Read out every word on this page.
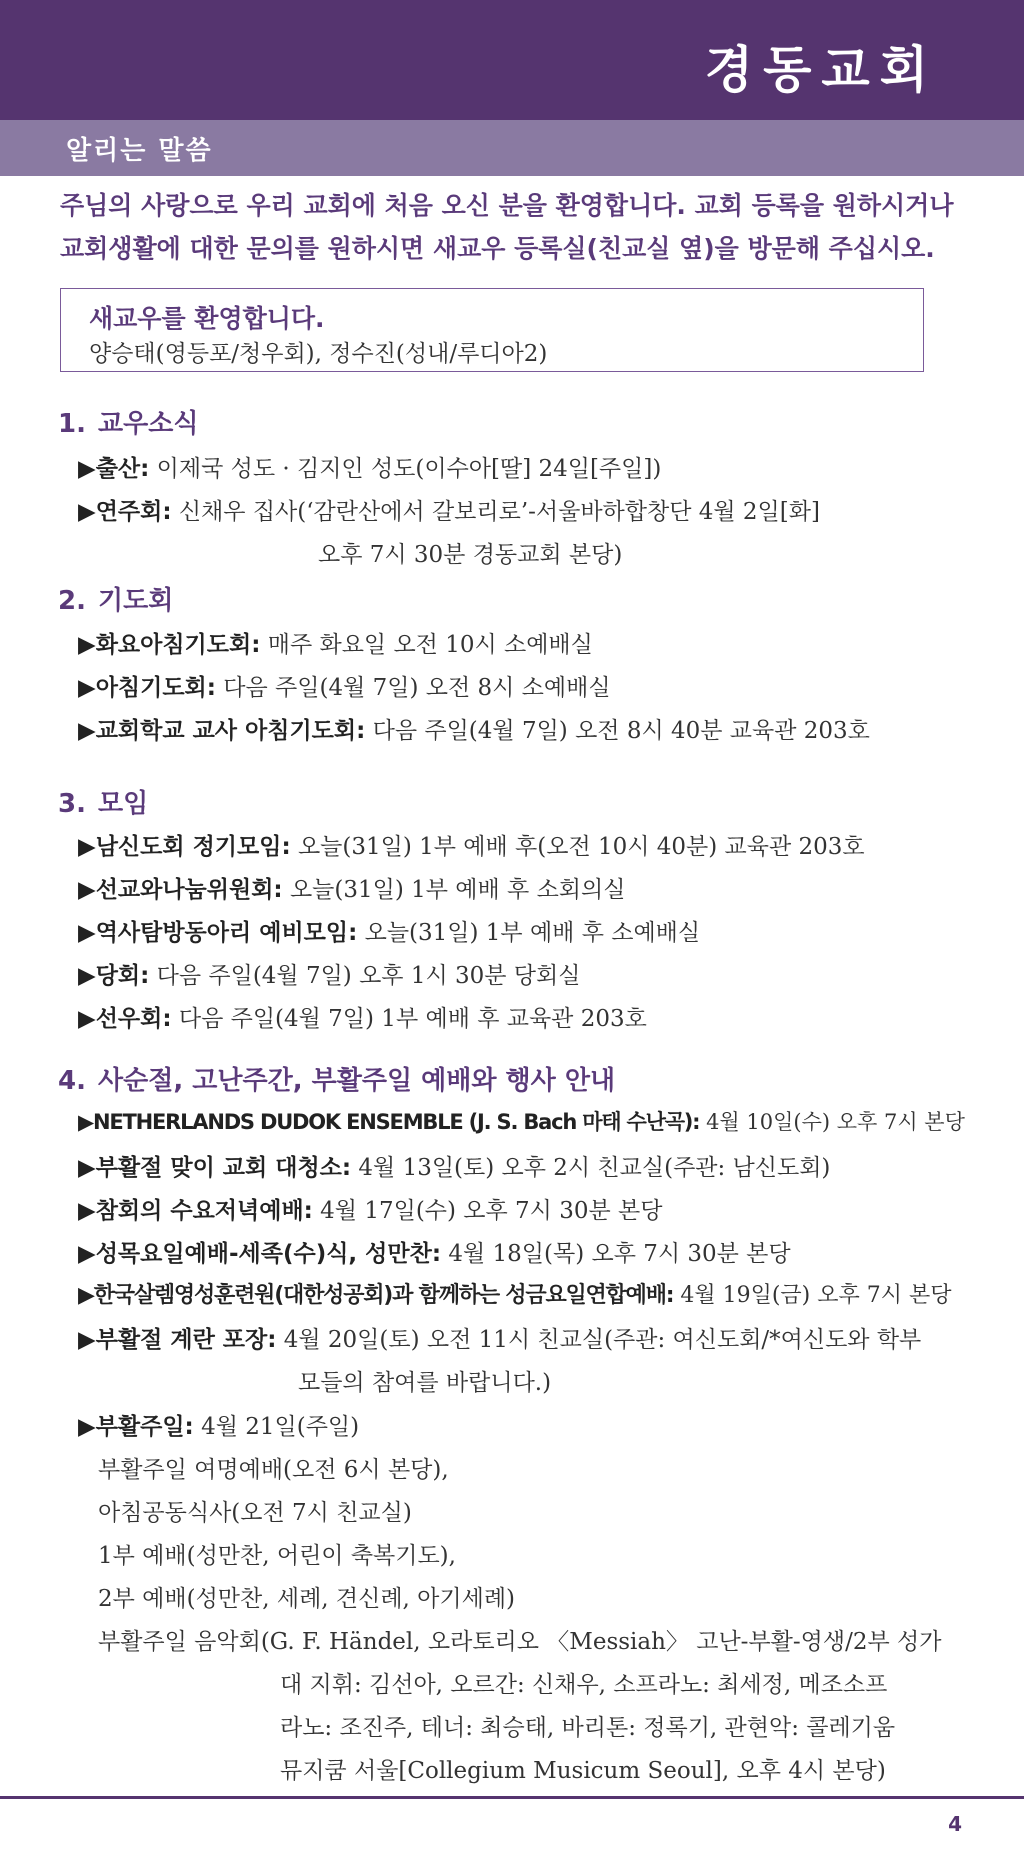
경동교회
알리는 말씀
주님의 사랑으로 우리 교회에 처음 오신 분을 환영합니다. 교회 등록을 원하시거나
교회생활에 대한 문의를 원하시면 새교우 등록실(친교실 옆)을 방문해 주십시오.
새교우를 환영합니다.
양승태(영등포/청우회), 정수진(성내/루디아2)
1. 교우소식
▶출산: 이제국 성도 · 김지인 성도(이수아[딸] 24일[주일])
▶연주회: 신채우 집사(‘감란산에서 갈보리로’-서울바하합창단 4월 2일[화]
오후 7시 30분 경동교회 본당)
2. 기도회
▶화요아침기도회: 매주 화요일 오전 10시 소예배실
▶아침기도회: 다음 주일(4월 7일) 오전 8시 소예배실
▶교회학교 교사 아침기도회: 다음 주일(4월 7일) 오전 8시 40분 교육관 203호
3. 모임
▶남신도회 정기모임: 오늘(31일) 1부 예배 후(오전 10시 40분) 교육관 203호
▶선교와나눔위원회: 오늘(31일) 1부 예배 후 소회의실
▶역사탐방동아리 예비모임: 오늘(31일) 1부 예배 후 소예배실
▶당회: 다음 주일(4월 7일) 오후 1시 30분 당회실
▶선우회: 다음 주일(4월 7일) 1부 예배 후 교육관 203호
4. 사순절, 고난주간, 부활주일 예배와 행사 안내
▶NETHERLANDS DUDOK ENSEMBLE (J. S. Bach 마태 수난곡): 4월 10일(수) 오후 7시 본당
▶부활절 맞이 교회 대청소: 4월 13일(토) 오후 2시 친교실(주관: 남신도회)
▶참회의 수요저녁예배: 4월 17일(수) 오후 7시 30분 본당
▶성목요일예배-세족(수)식, 성만찬: 4월 18일(목) 오후 7시 30분 본당
▶한국살렘영성훈련원(대한성공회)과 함께하는 성금요일연합예배: 4월 19일(금) 오후 7시 본당
▶부활절 계란 포장: 4월 20일(토) 오전 11시 친교실(주관: 여신도회/*여신도와 학부
모들의 참여를 바랍니다.)
▶부활주일: 4월 21일(주일)
부활주일 여명예배(오전 6시 본당),
아침공동식사(오전 7시 친교실)
1부 예배(성만찬, 어린이 축복기도),
2부 예배(성만찬, 세례, 견신례, 아기세례)
부활주일 음악회(G. F. Händel, 오라토리오 〈Messiah〉 고난-부활-영생/2부 성가
대 지휘: 김선아, 오르간: 신채우, 소프라노: 최세정, 메조소프
라노: 조진주, 테너: 최승태, 바리톤: 정록기, 관현악: 콜레기움
뮤지쿰 서울[Collegium Musicum Seoul], 오후 4시 본당)
4
